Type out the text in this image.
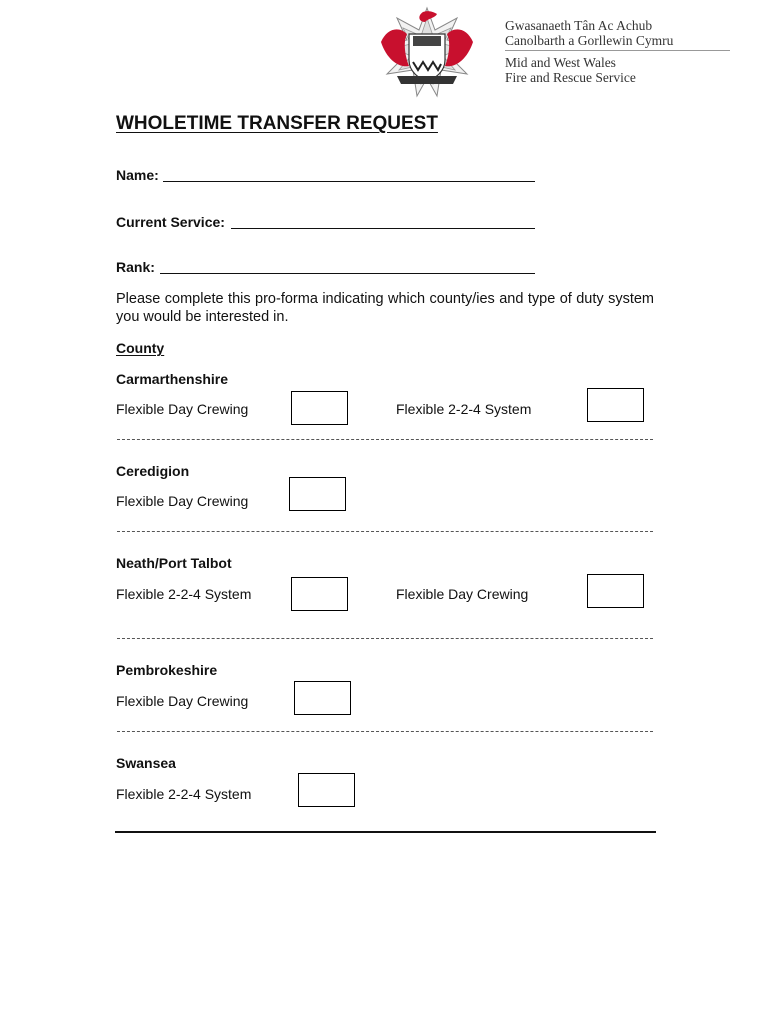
Gwasanaeth Tân Ac Achub
Canolbarth a Gorllewin Cymru
Mid and West Wales
Fire and Rescue Service
WHOLETIME TRANSFER REQUEST
Name:
Current Service:
Rank:
Please complete this pro-forma indicating which county/ies and type of duty system you would be interested in.
County
Carmarthenshire
Flexible Day Crewing	Flexible 2-2-4 System
Ceredigion
Flexible Day Crewing
Neath/Port Talbot
Flexible 2-2-4 System	Flexible Day Crewing
Pembrokeshire
Flexible Day Crewing
Swansea
Flexible 2-2-4 System
